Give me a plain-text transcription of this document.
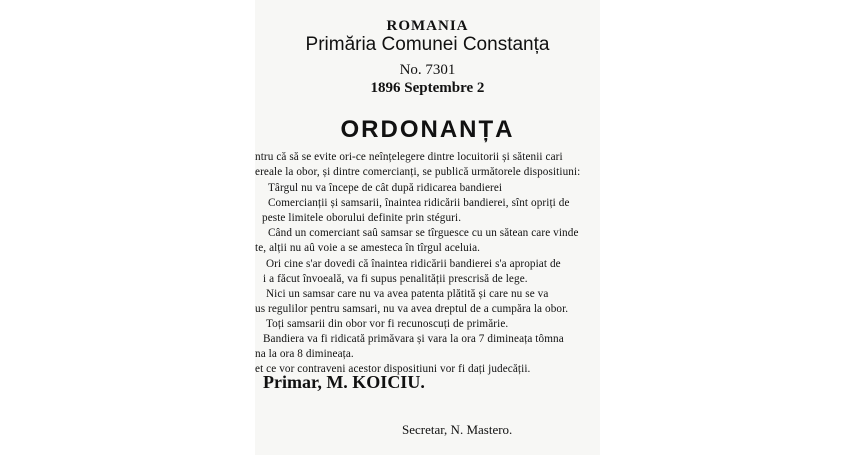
ROMANIA
Primăria Comunei Constanța
No. 7301
1896 Septembre 2
ORDONANȚA
ntru că să se evite ori-ce neînțelegere dintre locuitorii și sătenii cari
ereale la obor, și dintre comercianți, se publică următorele dispositiuni:
Târgul nu va începe de cât după ridicarea bandierei
Comercianții și samsarii, înaintea ridicării bandierei, sînt opriți de
peste limitele oborului definite prin stéguri.
Când un comerciant saû samsar se tîrguesce cu un sătean care vinde
te, alții nu aû voie a se amesteca în tîrgul aceluia.
Ori cine s'ar dovedi că înaintea ridicării bandierei s'a apropiat de
i a făcut învoeală, va fi supus penalității prescrisă de lege.
Nici un samsar care nu va avea patenta plătită și care nu se va
us regulilor pentru samsari, nu va avea dreptul de a cumpăra la obor.
Toți samsarii din obor vor fi recunoscuți de primărie.
Bandiera va fi ridicată primăvara și vara la ora 7 dimineața tômna
na la ora 8 dimineața.
et ce vor contraveni acestor dispositiuni vor fi dați judecății.
Primar, M. KOICIU.
Secretar, N. Mastero.
